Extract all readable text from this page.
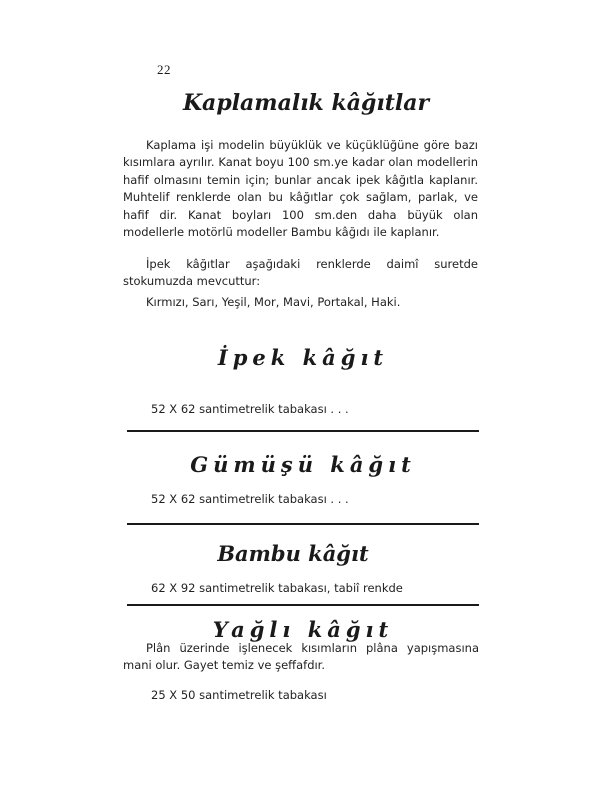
22
Kaplamalık kâğıtlar
Kaplama işi modelin büyüklük ve küçüklüğüne göre bazı kısımlara ayrılır. Kanat boyu 100 sm.ye kadar olan modellerin hafif olmasını temin için; bunlar ancak ipek kâğıtla kaplanır. Muhtelif renklerde olan bu kâğıtlar çok sağlam, parlak, ve hafif dir. Kanat boyları 100 sm.den daha büyük olan modellerle motörlü modeller Bambu kâğıdı ile kaplanır.
İpek kâğıtlar aşağıdaki renklerde daimî suretde stokumuzda mevcuttur:
Kırmızı, Sarı, Yeşil, Mor, Mavi, Portakal, Haki.
İpek kâğıt
52 X 62 santimetrelik tabakası . . .
Gümüşü kâğıt
52 X 62 santimetrelik tabakası . . .
Bambu kâğıt
62 X 92 santimetrelik tabakası, tabiî renkde
Yağlı kâğıt
Plân üzerinde işlenecek kısımların plâna yapışmasına mani olur. Gayet temiz ve şeffafdır.
25 X 50 santimetrelik tabakası
